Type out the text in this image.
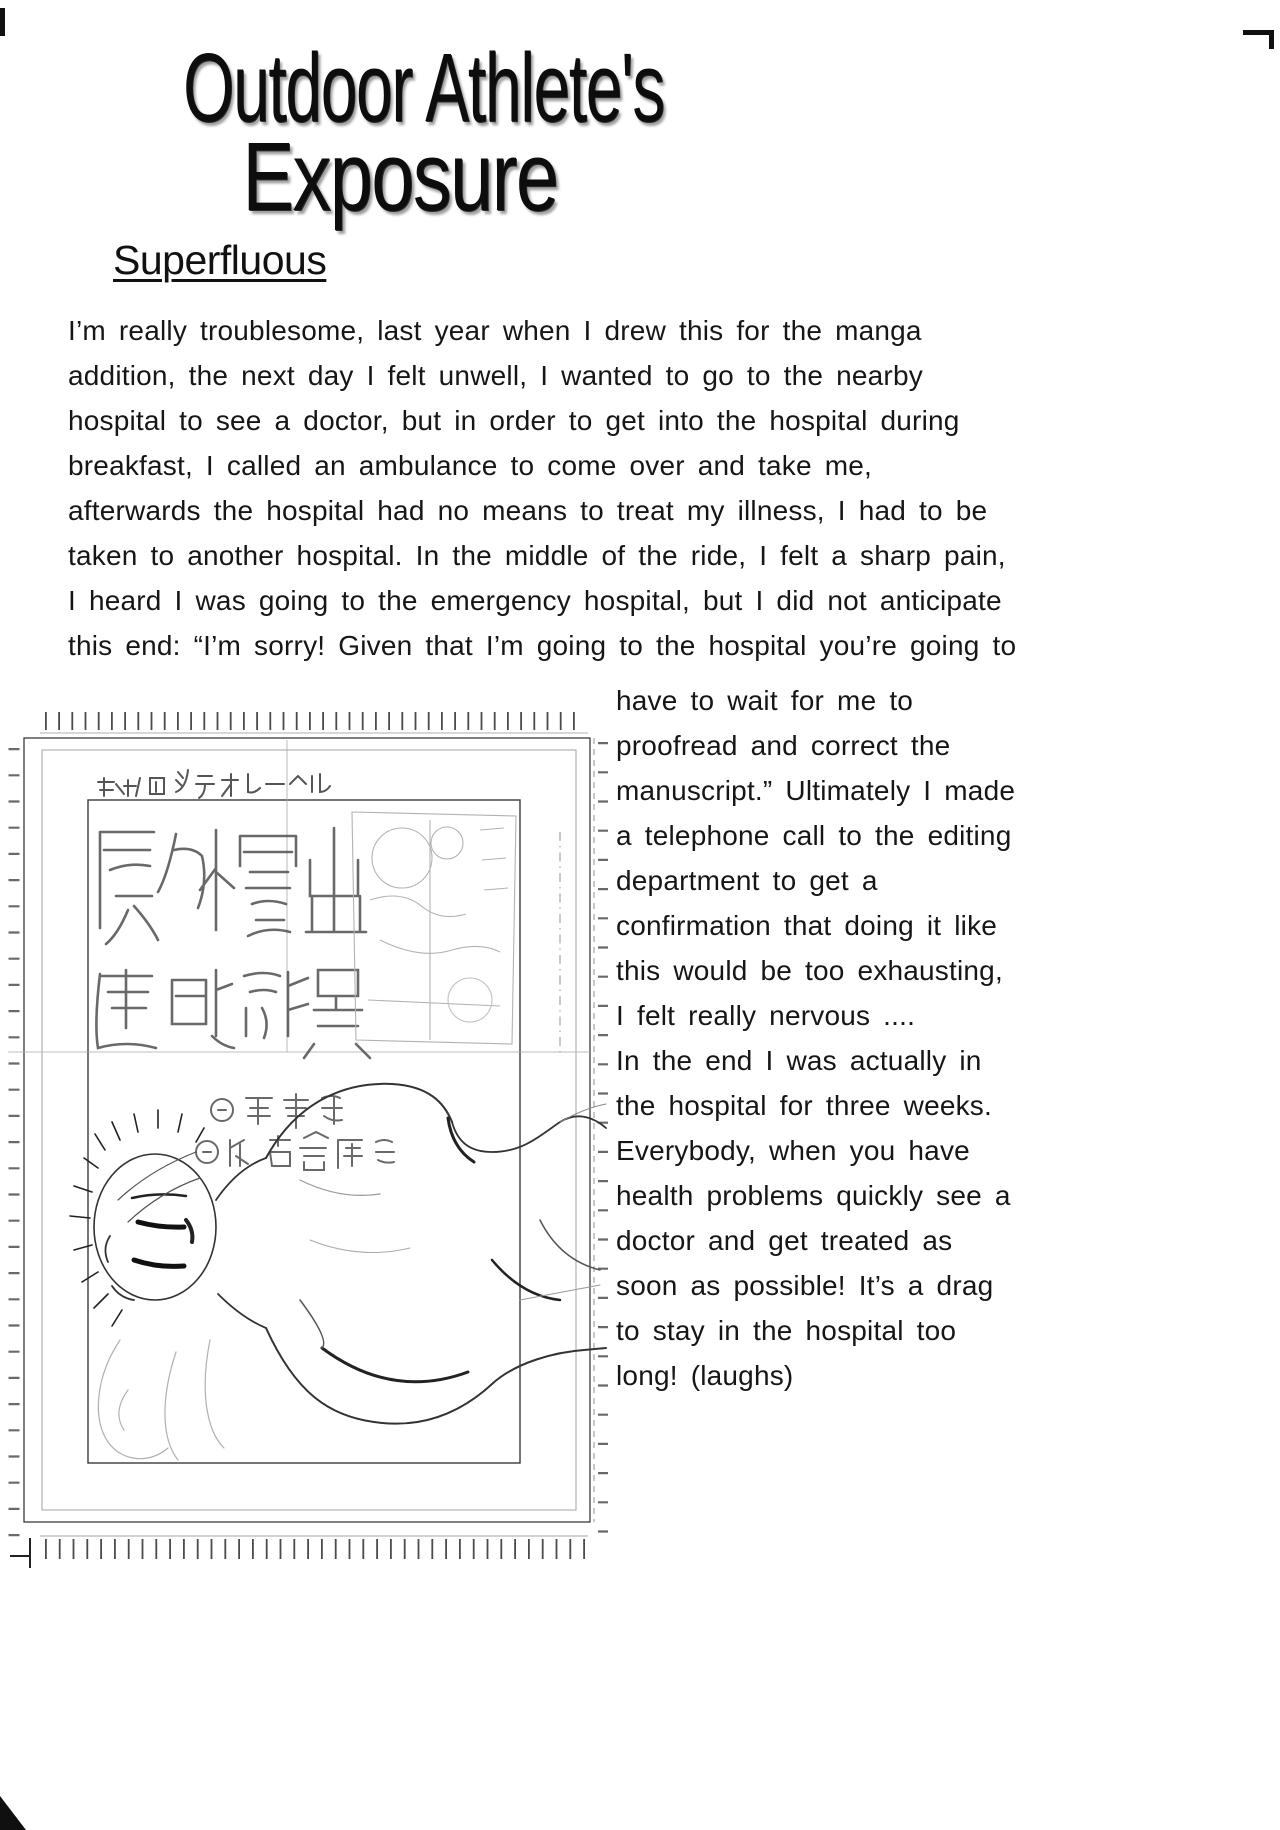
Outdoor Athlete's
Exposure
Superfluous
I’m really troublesome, last year when I drew this for the manga
addition, the next day I felt unwell, I wanted to go to the nearby
hospital to see a doctor, but in order to get into the hospital during
breakfast, I called an ambulance to come over and take me,
afterwards the hospital had no means to treat my illness, I had to be
taken to another hospital. In the middle of the ride, I felt a sharp pain,
I heard I was going to the emergency hospital, but I did not anticipate
this end: “I’m sorry! Given that I’m going to the hospital you’re going to
have to wait for me to
proofread and correct the
manuscript.” Ultimately I made
a telephone call to the editing
department to get a
confirmation that doing it like
this would be too exhausting,
I felt really nervous ....
In the end I was actually in
the hospital for three weeks.
Everybody, when you have
health problems quickly see a
doctor and get treated as
soon as possible! It’s a drag
to stay in the hospital too
long! (laughs)
